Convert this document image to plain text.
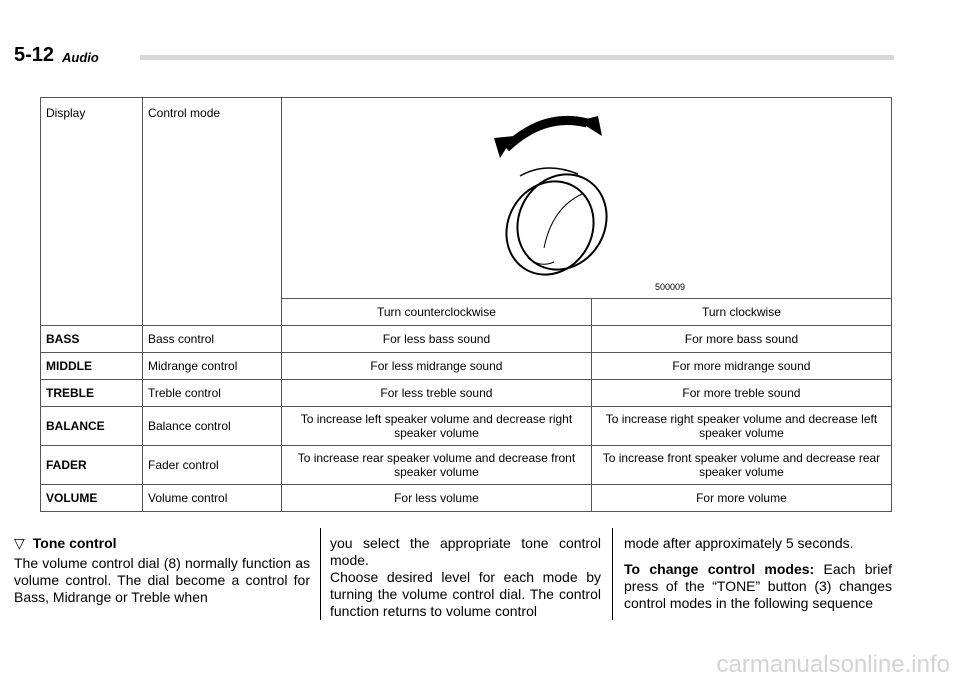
5-12 Audio
Display	Control mode	500009	

		Turn counterclockwise	Turn clockwise
BASS	Bass control	For less bass sound	For more bass sound
MIDDLE	Midrange control	For less midrange sound	For more midrange sound
TREBLE	Treble control	For less treble sound	For more treble sound
BALANCE	Balance control	To increase left speaker volume and decrease right speaker volume	To increase right speaker volume and decrease left speaker volume
FADER	Fader control	To increase rear speaker volume and decrease front speaker volume	To increase front speaker volume and decrease rear speaker volume
VOLUME	Volume control	For less volume	For more volume
▽ Tone control

The volume control dial (8) normally function as volume control. The dial become a control for Bass, Midrange or Treble when

you select the appropriate tone control mode.

Choose desired level for each mode by turning the volume control dial. The control function returns to volume control

mode after approximately 5 seconds.

To change control modes: Each brief press of the “TONE” button (3) changes control modes in the following sequence

carmanualsonline.info
